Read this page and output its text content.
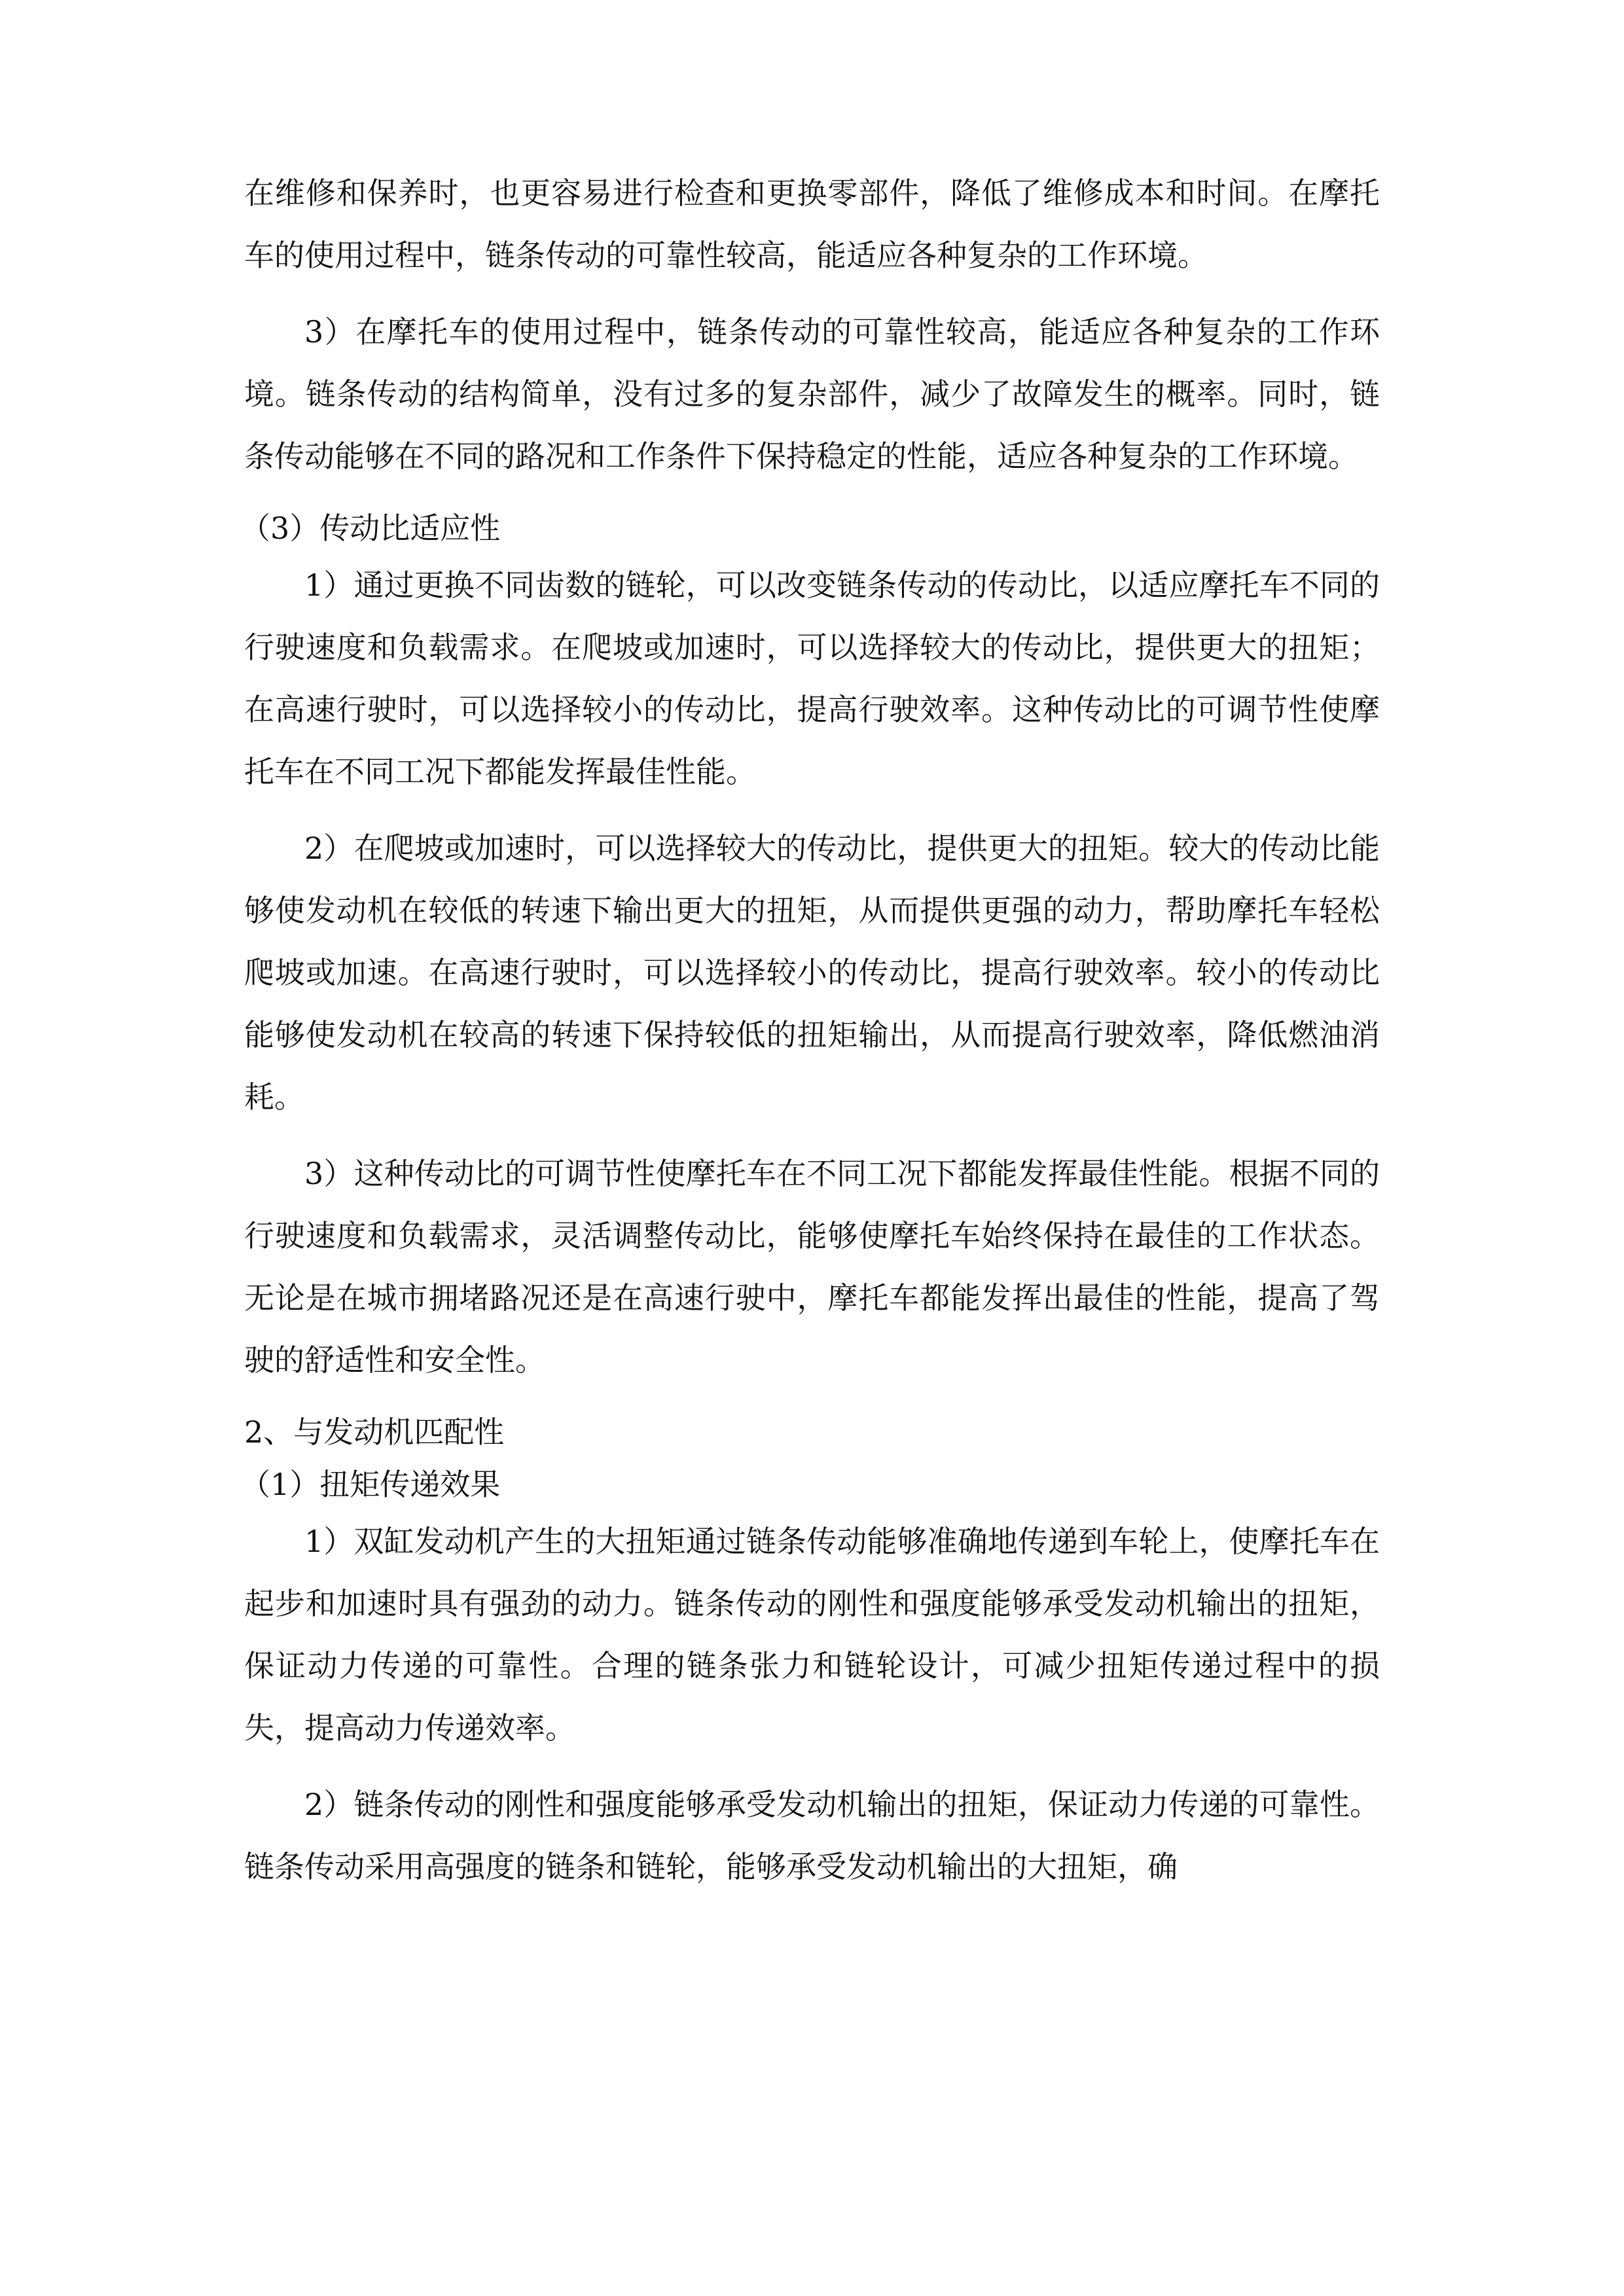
在维修和保养时，也更容易进行检查和更换零部件，降低了维修成本和时间。在摩托车的使用过程中，链条传动的可靠性较高，能适应各种复杂的工作环境。

3）在摩托车的使用过程中，链条传动的可靠性较高，能适应各种复杂的工作环境。链条传动的结构简单，没有过多的复杂部件，减少了故障发生的概率。同时，链条传动能够在不同的路况和工作条件下保持稳定的性能，适应各种复杂的工作环境。

（3）传动比适应性

1）通过更换不同齿数的链轮，可以改变链条传动的传动比，以适应摩托车不同的行驶速度和负载需求。在爬坡或加速时，可以选择较大的传动比，提供更大的扭矩；在高速行驶时，可以选择较小的传动比，提高行驶效率。这种传动比的可调节性使摩托车在不同工况下都能发挥最佳性能。

2）在爬坡或加速时，可以选择较大的传动比，提供更大的扭矩。较大的传动比能够使发动机在较低的转速下输出更大的扭矩，从而提供更强的动力，帮助摩托车轻松爬坡或加速。在高速行驶时，可以选择较小的传动比，提高行驶效率。较小的传动比能够使发动机在较高的转速下保持较低的扭矩输出，从而提高行驶效率，降低燃油消耗。

3）这种传动比的可调节性使摩托车在不同工况下都能发挥最佳性能。根据不同的行驶速度和负载需求，灵活调整传动比，能够使摩托车始终保持在最佳的工作状态。无论是在城市拥堵路况还是在高速行驶中，摩托车都能发挥出最佳的性能，提高了驾驶的舒适性和安全性。

2、与发动机匹配性

（1）扭矩传递效果

1）双缸发动机产生的大扭矩通过链条传动能够准确地传递到车轮上，使摩托车在起步和加速时具有强劲的动力。链条传动的刚性和强度能够承受发动机输出的扭矩，保证动力传递的可靠性。合理的链条张力和链轮设计，可减少扭矩传递过程中的损失，提高动力传递效率。

2）链条传动的刚性和强度能够承受发动机输出的扭矩，保证动力传递的可靠性。链条传动采用高强度的链条和链轮，能够承受发动机输出的大扭矩，确
